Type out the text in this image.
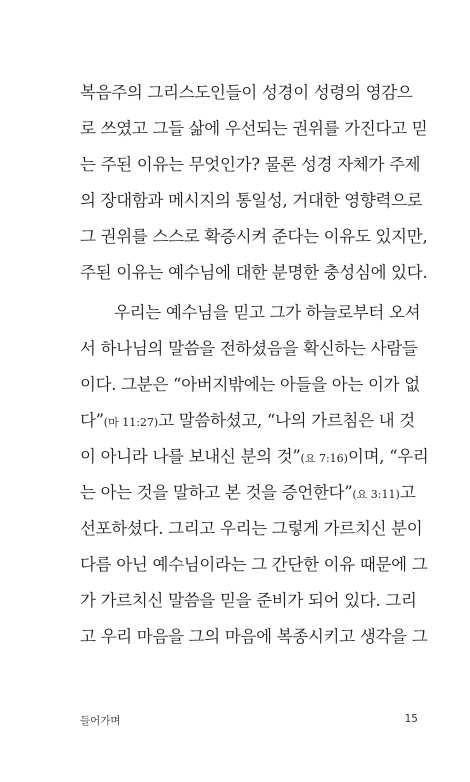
복음주의 그리스도인들이 성경이 성령의 영감으
로 쓰였고 그들 삶에 우선되는 권위를 가진다고 믿
는 주된 이유는 무엇인가? 물론 성경 자체가 주제
의 장대함과 메시지의 통일성, 거대한 영향력으로
그 권위를 스스로 확증시켜 준다는 이유도 있지만,
주된 이유는 예수님에 대한 분명한 충성심에 있다.
우리는 예수님을 믿고 그가 하늘로부터 오셔
서 하나님의 말씀을 전하셨음을 확신하는 사람들
이다. 그분은 “아버지밖에는 아들을 아는 이가 없
다”(마 11:27)고 말씀하셨고, “나의 가르침은 내 것
이 아니라 나를 보내신 분의 것”(요 7:16)이며, “우리
는 아는 것을 말하고 본 것을 증언한다”(요 3:11)고
선포하셨다. 그리고 우리는 그렇게 가르치신 분이
다름 아닌 예수님이라는 그 간단한 이유 때문에 그
가 가르치신 말씀을 믿을 준비가 되어 있다. 그리
고 우리 마음을 그의 마음에 복종시키고 생각을 그
들어가며	15
